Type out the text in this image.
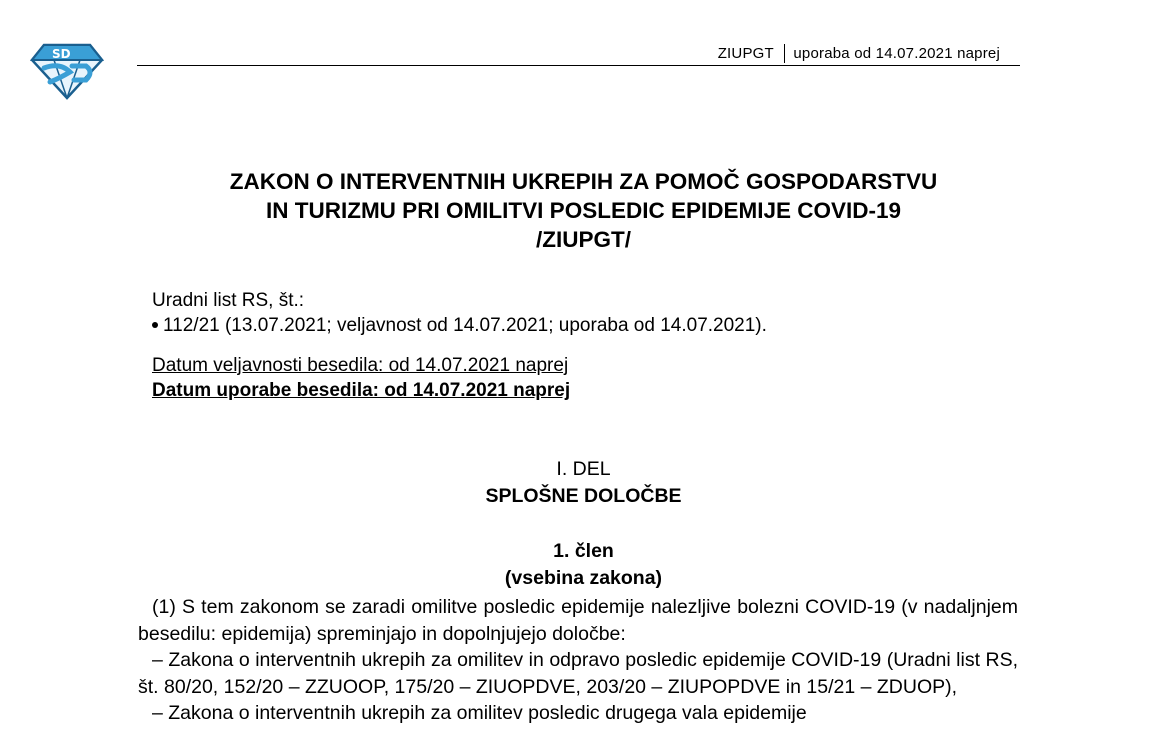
SD	ZIUPGT uporaba od 14.07.2021 naprej
ZAKON O INTERVENTNIH UKREPIH ZA POMOČ GOSPODARSTVU
IN TURIZMU PRI OMILITVI POSLEDIC EPIDEMIJE COVID-19
/ZIUPGT/
Uradni list RS, št.:
112/21 (13.07.2021; veljavnost od 14.07.2021; uporaba od 14.07.2021).
Datum veljavnosti besedila: od 14.07.2021 naprej
Datum uporabe besedila: od 14.07.2021 naprej
I. DEL
SPLOŠNE DOLOČBE
1. člen
(vsebina zakona)

(1) S tem zakonom se zaradi omilitve posledic epidemije nalezljive bolezni COVID-19 (v nadaljnjem besedilu: epidemija) spreminjajo in dopolnjujejo določbe:

– Zakona o interventnih ukrepih za omilitev in odpravo posledic epidemije COVID-19 (Uradni list RS, št. 80/20, 152/20 – ZZUOOP, 175/20 – ZIUOPDVE, 203/20 – ZIUPOPDVE in 15/21 – ZDUOP),

– Zakona o interventnih ukrepih za omilitev posledic drugega vala epidemije
